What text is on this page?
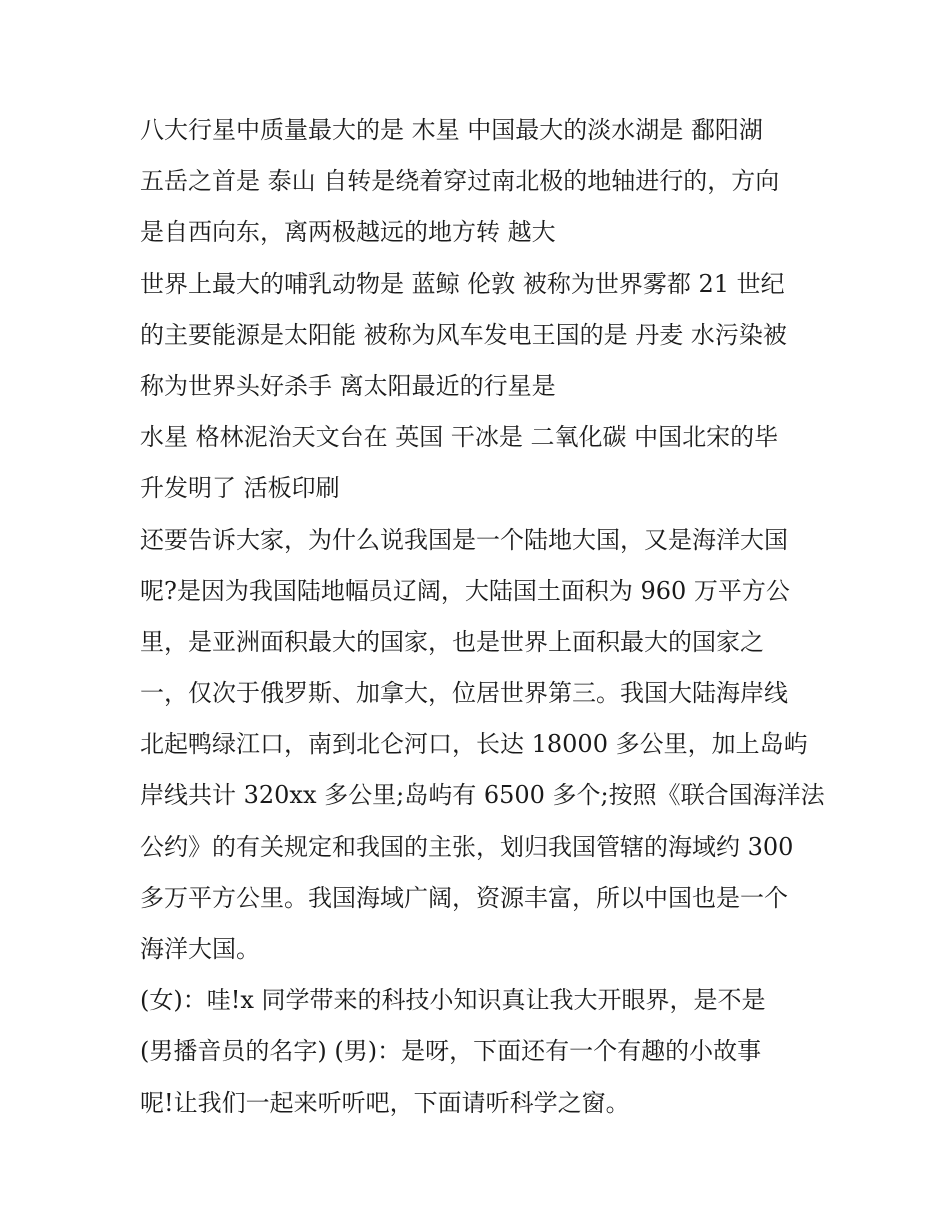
八大行星中质量最大的是 木星 中国最大的淡水湖是 鄱阳湖
五岳之首是 泰山 自转是绕着穿过南北极的地轴进行的，方向
是自西向东，离两极越远的地方转 越大
世界上最大的哺乳动物是 蓝鲸 伦敦 被称为世界雾都 21 世纪
的主要能源是太阳能 被称为风车发电王国的是 丹麦 水污染被
称为世界头好杀手 离太阳最近的行星是
水星 格林泥治天文台在 英国 干冰是 二氧化碳 中国北宋的毕
升发明了 活板印刷
还要告诉大家，为什么说我国是一个陆地大国，又是海洋大国
呢?是因为我国陆地幅员辽阔，大陆国土面积为 960 万平方公
里，是亚洲面积最大的国家，也是世界上面积最大的国家之
一，仅次于俄罗斯、加拿大，位居世界第三。我国大陆海岸线
北起鸭绿江口，南到北仑河口，长达 18000 多公里，加上岛屿
岸线共计 320xx 多公里;岛屿有 6500 多个;按照《联合国海洋法
公约》的有关规定和我国的主张，划归我国管辖的海域约 300
多万平方公里。我国海域广阔，资源丰富，所以中国也是一个
海洋大国。
(女)：哇!x 同学带来的科技小知识真让我大开眼界，是不是
(男播音员的名字) (男)：是呀，下面还有一个有趣的小故事
呢!让我们一起来听听吧，下面请听科学之窗。
